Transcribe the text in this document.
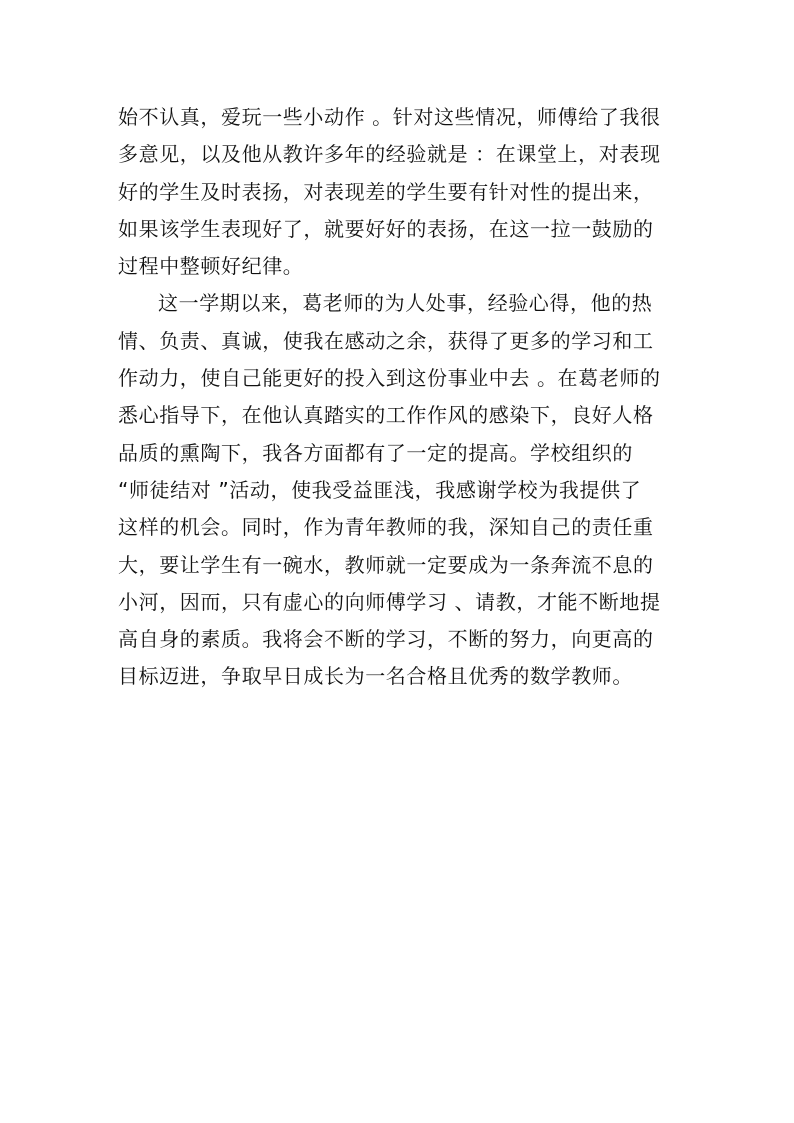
始不认真，爱玩一些小动作 。针对这些情况，师傅给了我很
多意见，以及他从教许多年的经验就是 ：在课堂上，对表现
好的学生及时表扬，对表现差的学生要有针对性的提出来，
如果该学生表现好了，就要好好的表扬，在这一拉一鼓励的
过程中整顿好纪律。

这一学期以来，葛老师的为人处事，经验心得，他的热
情、负责、真诚，使我在感动之余，获得了更多的学习和工
作动力，使自己能更好的投入到这份事业中去 。在葛老师的
悉心指导下，在他认真踏实的工作作风的感染下，良好人格
品质的熏陶下，我各方面都有了一定的提高。学校组织的
“师徒结对 ”活动，使我受益匪浅，我感谢学校为我提供了
这样的机会。同时，作为青年教师的我，深知自己的责任重
大，要让学生有一碗水，教师就一定要成为一条奔流不息的
小河，因而，只有虚心的向师傅学习 、请教，才能不断地提
高自身的素质。我将会不断的学习，不断的努力，向更高的
目标迈进，争取早日成长为一名合格且优秀的数学教师。
